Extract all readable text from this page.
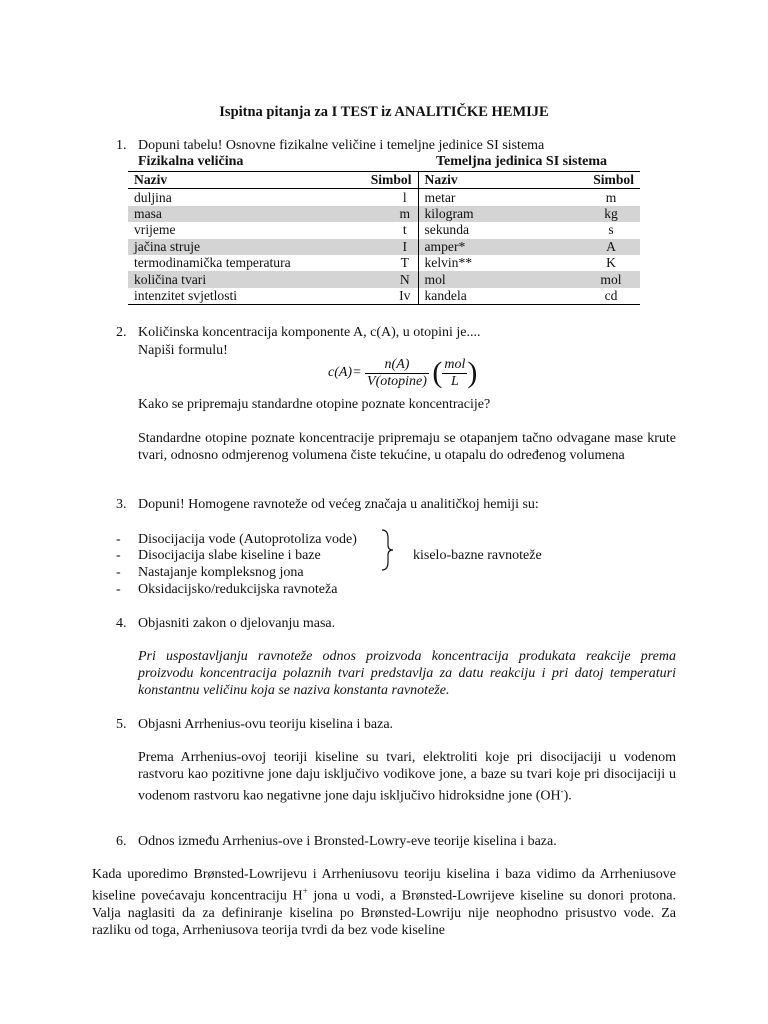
Ispitna pitanja za I TEST iz ANALITIČKE HEMIJE
1. Dopuni tabelu! Osnovne fizikalne veličine i temeljne jedinice SI sistema
Fizikalna veličina	Temeljna jedinica SI sistema
Naziv	Simbol	Naziv	Simbol
duljina	l	metar	m
masa	m	kilogram	kg
vrijeme	t	sekunda	s
jačina struje	I	amper*	A
termodinamička temperatura	T	kelvin**	K
količina tvari	N	mol	mol
intenzitet svjetlosti	Iv	kandela	cd
2. Količinska koncentracija komponente A, c(A), u otopini je....
Napiši formulu!
$c(A)= \frac{n(A)}{\text{V(otopine)}}$ ( $\frac{\text{mol}}{L}$ )
Kako se pripremaju standardne otopine poznate koncentracije?
Standardne otopine poznate koncentracije pripremaju se otapanjem tačno odvagane mase krute tvari, odnosno odmjerenog volumena čiste tekućine, u otapalu do određenog volumena
3. Dopuni! Homogene ravnoteže od većeg značaja u analitičkoj hemiji su:
- Disocijacija vode (Autoprotoliza vode)
- Disocijacija slabe kiseline i baze
- Nastajanje kompleksnog jona
- Oksidacijsko/redukcijska ravnoteža
kiselo-bazne ravnoteže
4. Objasniti zakon o djelovanju masa.
Pri uspostavljanju ravnoteže odnos proizvoda koncentracija produkata reakcije prema proizvodu koncentracija polaznih tvari predstavlja za datu reakciju i pri datoj temperaturi konstantnu veličinu koja se naziva konstanta ravnoteže.
5. Objasni Arrhenius-ovu teoriju kiselina i baza.
Prema Arrhenius-ovoj teoriji kiseline su tvari, elektroliti koje pri disocijaciji u vodenom rastvoru kao pozitivne jone daju isključivo vodikove jone, a baze su tvari koje pri disocijaciji u vodenom rastvoru kao negativne jone daju isključivo hidroksidne jone (OH-).
6. Odnos između Arrhenius-ove i Bronsted-Lowry-eve teorije kiselina i baza.
Kada uporedimo Brønsted-Lowrijevu i Arrheniusovu teoriju kiselina i baza vidimo da Arrheniusove kiseline povećavaju koncentraciju H+ jona u vodi, a Brønsted-Lowrijeve kiseline su donori protona. Valja naglasiti da za definiranje kiselina po Brønsted-Lowriju nije neophodno prisustvo vode. Za razliku od toga, Arrheniusova teorija tvrdi da bez vode kiseline
